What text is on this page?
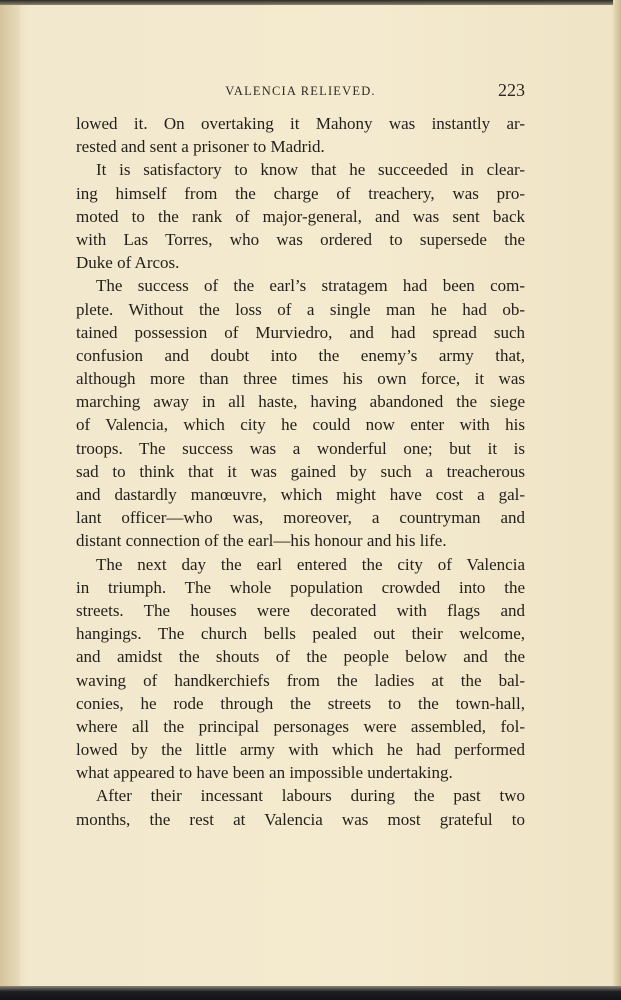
VALENCIA RELIEVED.	223
lowed it. On overtaking it Mahony was instantly ar-
rested and sent a prisoner to Madrid.
It is satisfactory to know that he succeeded in clear-
ing himself from the charge of treachery, was pro-
moted to the rank of major-general, and was sent back
with Las Torres, who was ordered to supersede the
Duke of Arcos.
The success of the earl’s stratagem had been com-
plete. Without the loss of a single man he had ob-
tained possession of Murviedro, and had spread such
confusion and doubt into the enemy’s army that,
although more than three times his own force, it was
marching away in all haste, having abandoned the siege
of Valencia, which city he could now enter with his
troops. The success was a wonderful one; but it is
sad to think that it was gained by such a treacherous
and dastardly manœuvre, which might have cost a gal-
lant officer—who was, moreover, a countryman and
distant connection of the earl—his honour and his life.
The next day the earl entered the city of Valencia
in triumph. The whole population crowded into the
streets. The houses were decorated with flags and
hangings. The church bells pealed out their welcome,
and amidst the shouts of the people below and the
waving of handkerchiefs from the ladies at the bal-
conies, he rode through the streets to the town-hall,
where all the principal personages were assembled, fol-
lowed by the little army with which he had performed
what appeared to have been an impossible undertaking.
After their incessant labours during the past two
months, the rest at Valencia was most grateful to
